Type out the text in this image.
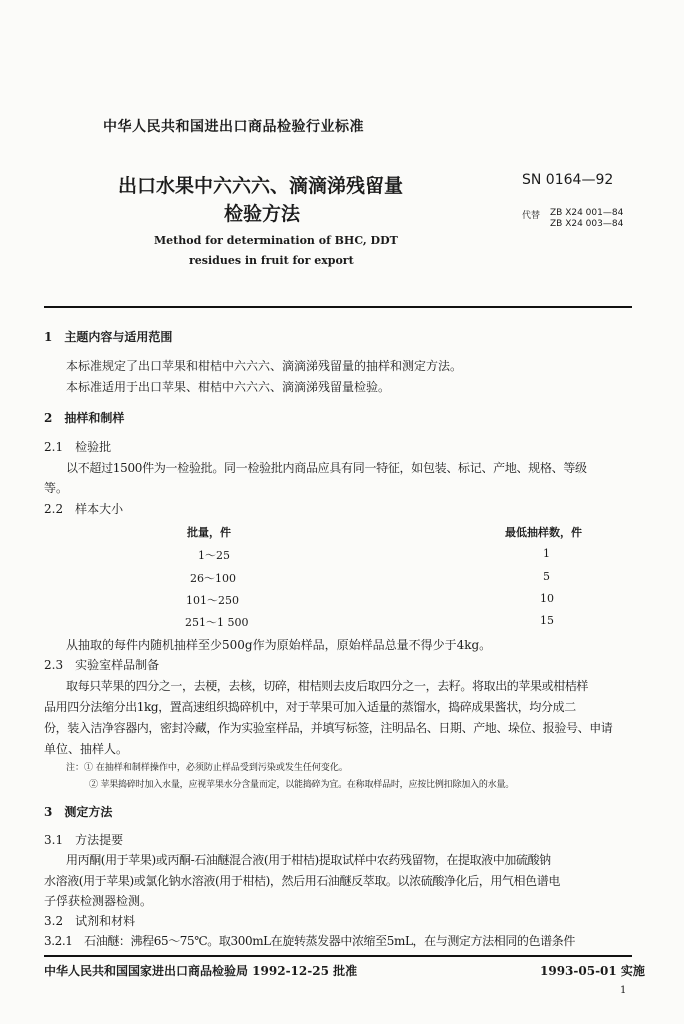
中华人民共和国进出口商品检验行业标准
出口水果中六六六、滴滴涕残留量
检验方法
Method for determination of BHC, DDT
residues in fruit for export
SN 0164—92
代替 ZB X24 001—84
ZB X24 003—84
1　主题内容与适用范围
本标准规定了出口苹果和柑桔中六六六、滴滴涕残留量的抽样和测定方法。
本标准适用于出口苹果、柑桔中六六六、滴滴涕残留量检验。
2　抽样和制样
2.1　检验批
以不超过1500件为一检验批。同一检验批内商品应具有同一特征，如包装、标记、产地、规格、等级
等。
2.2　样本大小
批量，件	最低抽样数，件
1～25	1
26～100	5
101～250	10
251～1 500	15
从抽取的每件内随机抽样至少500g作为原始样品，原始样品总量不得少于4kg。
2.3　实验室样品制备
取每只苹果的四分之一，去梗，去核，切碎，柑桔则去皮后取四分之一，去籽。将取出的苹果或柑桔样
品用四分法缩分出1kg，置高速组织捣碎机中，对于苹果可加入适量的蒸馏水，捣碎成果酱状，均分成二
份，装入洁净容器内，密封冷藏，作为实验室样品，并填写标签，注明品名、日期、产地、垛位、报验号、申请
单位、抽样人。
注：① 在抽样和制样操作中，必须防止样品受到污染或发生任何变化。
② 苹果捣碎时加入水量，应视苹果水分含量而定，以能捣碎为宜。在称取样品时，应按比例扣除加入的水量。
3　测定方法
3.1　方法提要
用丙酮(用于苹果)或丙酮-石油醚混合液(用于柑桔)提取试样中农药残留物，在提取液中加硫酸钠
水溶液(用于苹果)或氯化钠水溶液(用于柑桔)，然后用石油醚反萃取。以浓硫酸净化后，用气相色谱电
子俘获检测器检测。
3.2　试剂和材料
3.2.1　石油醚：沸程65～75℃。取300mL在旋转蒸发器中浓缩至5mL，在与测定方法相同的色谱条件
中华人民共和国国家进出口商品检验局 1992-12-25 批准	1993-05-01 实施
1
